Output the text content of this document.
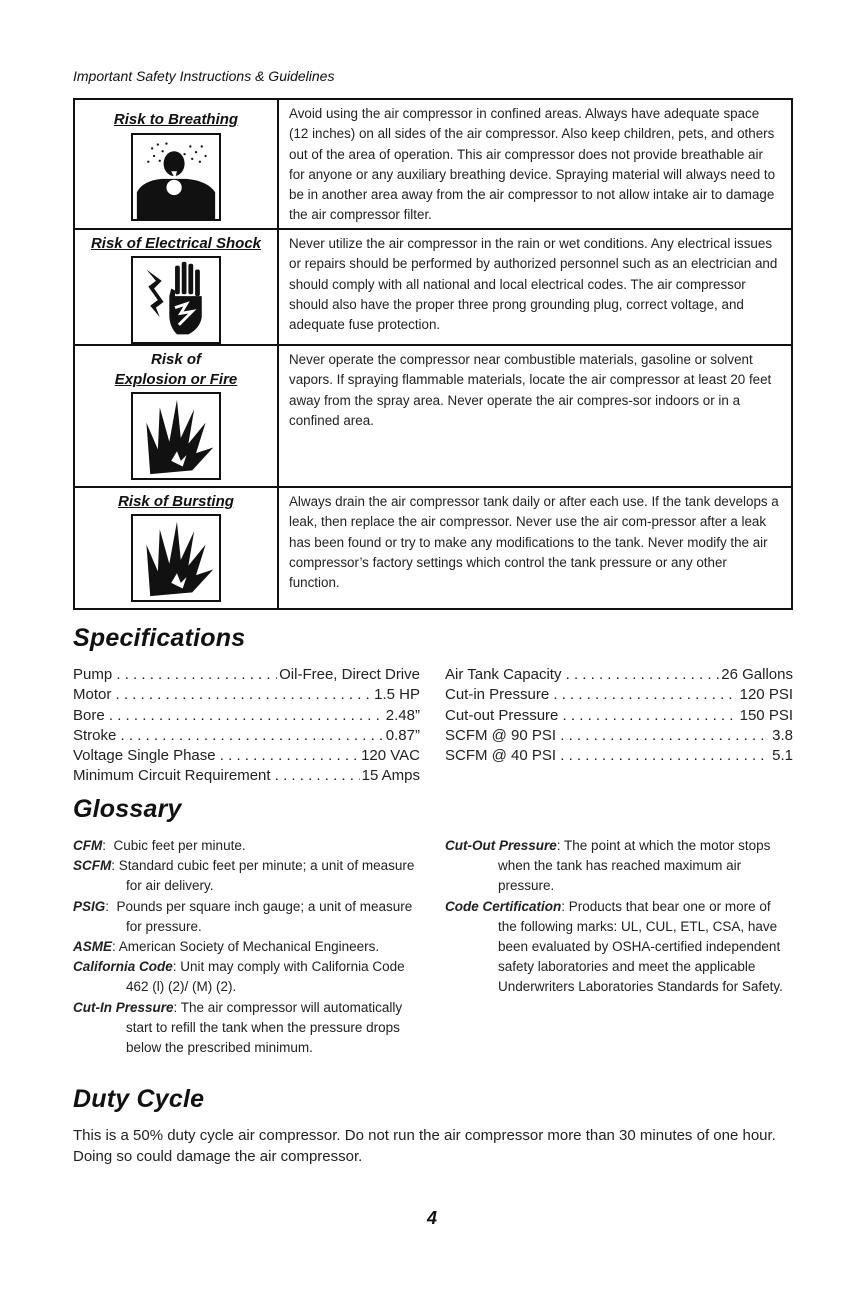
Important Safety Instructions & Guidelines
Risk to Breathing	Avoid using the air compressor in confined areas. Always have adequate space (12 inches) on all sides of the air compressor. Also keep children, pets, and others out of the area of operation. This air compressor does not provide breathable air for anyone or any auxiliary breathing device. Spraying material will always need to be in another area away from the air compressor to not allow intake air to damage the air compressor filter.

Risk of Electrical Shock	Never utilize the air compressor in the rain or wet conditions. Any electrical issues or repairs should be performed by authorized personnel such as an electrician and should comply with all national and local electrical codes. The air compressor should also have the proper three prong grounding plug, correct voltage, and adequate fuse protection.

Risk of
Explosion or Fire	Never operate the compressor near combustible materials, gasoline or solvent vapors. If spraying flammable materials, locate the air compressor at least 20 feet away from the spray area. Never operate the air compres-sor indoors or in a confined area.

Risk of Bursting	Always drain the air compressor tank daily or after each use. If the tank develops a leak, then replace the air compressor. Never use the air com-pressor after a leak has been found or try to make any modifications to the tank. Never modify the air compressor’s factory settings which control the tank pressure or any other function.
Specifications
Pump . . .	Oil-Free, Direct Drive
Motor . . .	1.5 HP
Bore . . .	2.48”
Stroke . . .	0.87”
Voltage Single Phase . . .	120 VAC
Minimum Circuit Requirement . . .	15 Amps
Air Tank Capacity . . .	26 Gallons
Cut-in Pressure . . .	120 PSI
Cut-out Pressure . . .	150 PSI
SCFM @ 90 PSI . . .	3.8
SCFM @ 40 PSI . . .	5.1
Glossary
CFM:  Cubic feet per minute.
SCFM: Standard cubic feet per minute; a unit of measure for air delivery.
PSIG:  Pounds per square inch gauge; a unit of measure for pressure.
ASME: American Society of Mechanical Engineers.
California Code: Unit may comply with California Code 462 (l) (2)/ (M) (2).
Cut-In Pressure: The air compressor will automatically start to refill the tank when the pressure drops below the prescribed minimum.
Cut-Out Pressure: The point at which the motor stops when the tank has reached maximum air pressure.
Code Certification: Products that bear one or more of the following marks: UL, CUL, ETL, CSA, have been evaluated by OSHA-certified independent safety laboratories and meet the applicable Underwriters Laboratories Standards for Safety.
Duty Cycle
This is a 50% duty cycle air compressor. Do not run the air compressor more than 30 minutes of one hour. Doing so could damage the air compressor.
4
